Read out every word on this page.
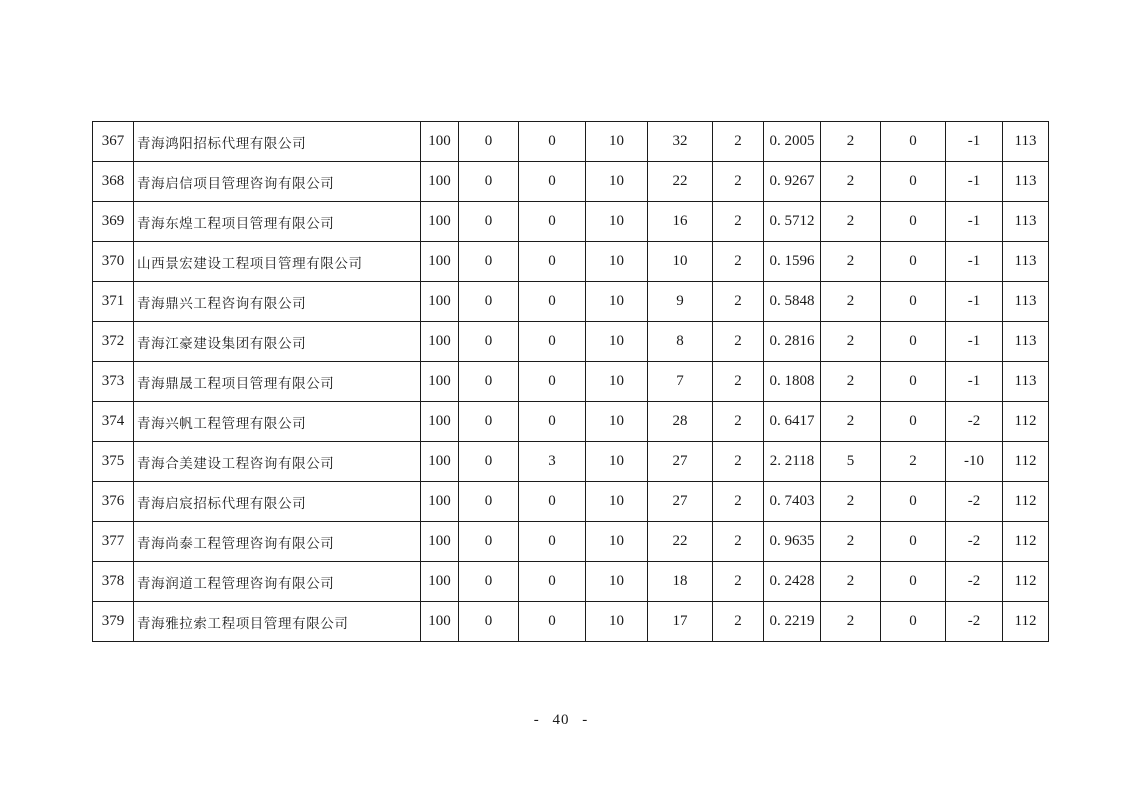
367	青海鸿阳招标代理有限公司	100	0	0	10	32	2	0. 2005	2	0	-1	113
368	青海启信项目管理咨询有限公司	100	0	0	10	22	2	0. 9267	2	0	-1	113
369	青海东煌工程项目管理有限公司	100	0	0	10	16	2	0. 5712	2	0	-1	113
370	山西景宏建设工程项目管理有限公司	100	0	0	10	10	2	0. 1596	2	0	-1	113
371	青海鼎兴工程咨询有限公司	100	0	0	10	9	2	0. 5848	2	0	-1	113
372	青海江豪建设集团有限公司	100	0	0	10	8	2	0. 2816	2	0	-1	113
373	青海鼎晟工程项目管理有限公司	100	0	0	10	7	2	0. 1808	2	0	-1	113
374	青海兴帆工程管理有限公司	100	0	0	10	28	2	0. 6417	2	0	-2	112
375	青海合美建设工程咨询有限公司	100	0	3	10	27	2	2. 2118	5	2	-10	112
376	青海启宸招标代理有限公司	100	0	0	10	27	2	0. 7403	2	0	-2	112
377	青海尚泰工程管理咨询有限公司	100	0	0	10	22	2	0. 9635	2	0	-2	112
378	青海润道工程管理咨询有限公司	100	0	0	10	18	2	0. 2428	2	0	-2	112
379	青海雅拉索工程项目管理有限公司	100	0	0	10	17	2	0. 2219	2	0	-2	112
- 40 -
